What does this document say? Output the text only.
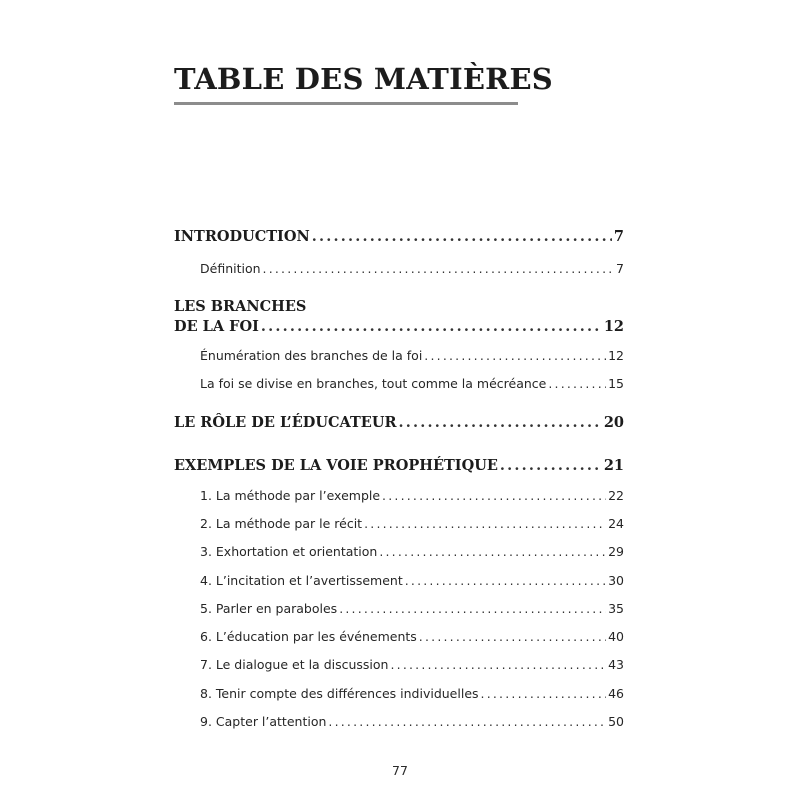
TABLE DES MATIÈRES
INTRODUCTION .....	7
Définition .....	7
LES BRANCHES
DE LA FOI .....	12
Énumération des branches de la foi .....	12
La foi se divise en branches, tout comme la mécréance .....	15
LE RÔLE DE L’ÉDUCATEUR .....	20
EXEMPLES DE LA VOIE PROPHÉTIQUE .....	21
1. La méthode par l’exemple .....	22
2. La méthode par le récit .....	24
3. Exhortation et orientation .....	29
4. L’incitation et l’avertissement .....	30
5. Parler en paraboles .....	35
6. L’éducation par les événements .....	40
7. Le dialogue et la discussion .....	43
8. Tenir compte des différences individuelles .....	46
9. Capter l’attention .....	50
77
